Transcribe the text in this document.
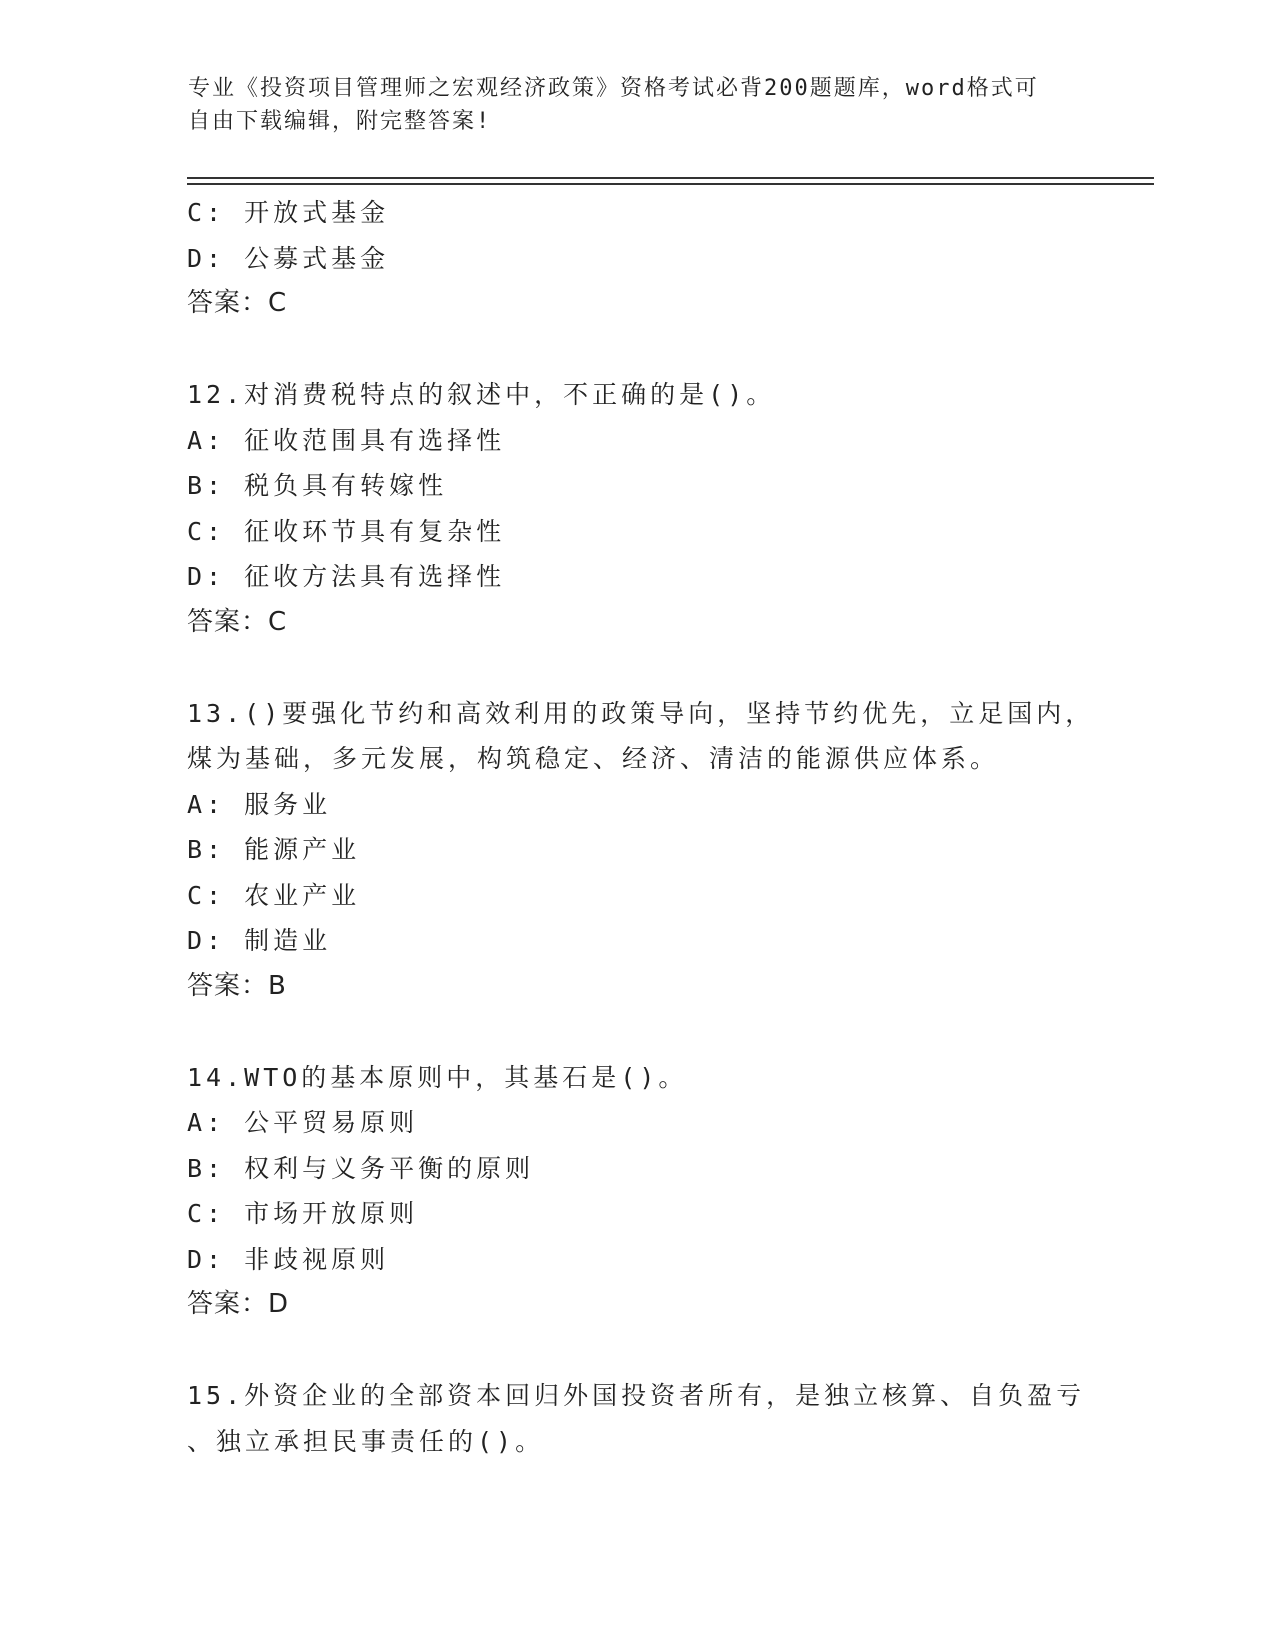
专业《投资项目管理师之宏观经济政策》资格考试必背200题题库，word格式可
自由下载编辑，附完整答案!
C: 开放式基金
D: 公募式基金
答案：C
12.对消费税特点的叙述中，不正确的是()。
A: 征收范围具有选择性
B: 税负具有转嫁性
C: 征收环节具有复杂性
D: 征收方法具有选择性
答案：C
13.()要强化节约和高效利用的政策导向，坚持节约优先，立足国内，
煤为基础，多元发展，构筑稳定、经济、清洁的能源供应体系。
A: 服务业
B: 能源产业
C: 农业产业
D: 制造业
答案：B
14.WTO的基本原则中，其基石是()。
A: 公平贸易原则
B: 权利与义务平衡的原则
C: 市场开放原则
D: 非歧视原则
答案：D
15.外资企业的全部资本回归外国投资者所有，是独立核算、自负盈亏
、独立承担民事责任的()。
